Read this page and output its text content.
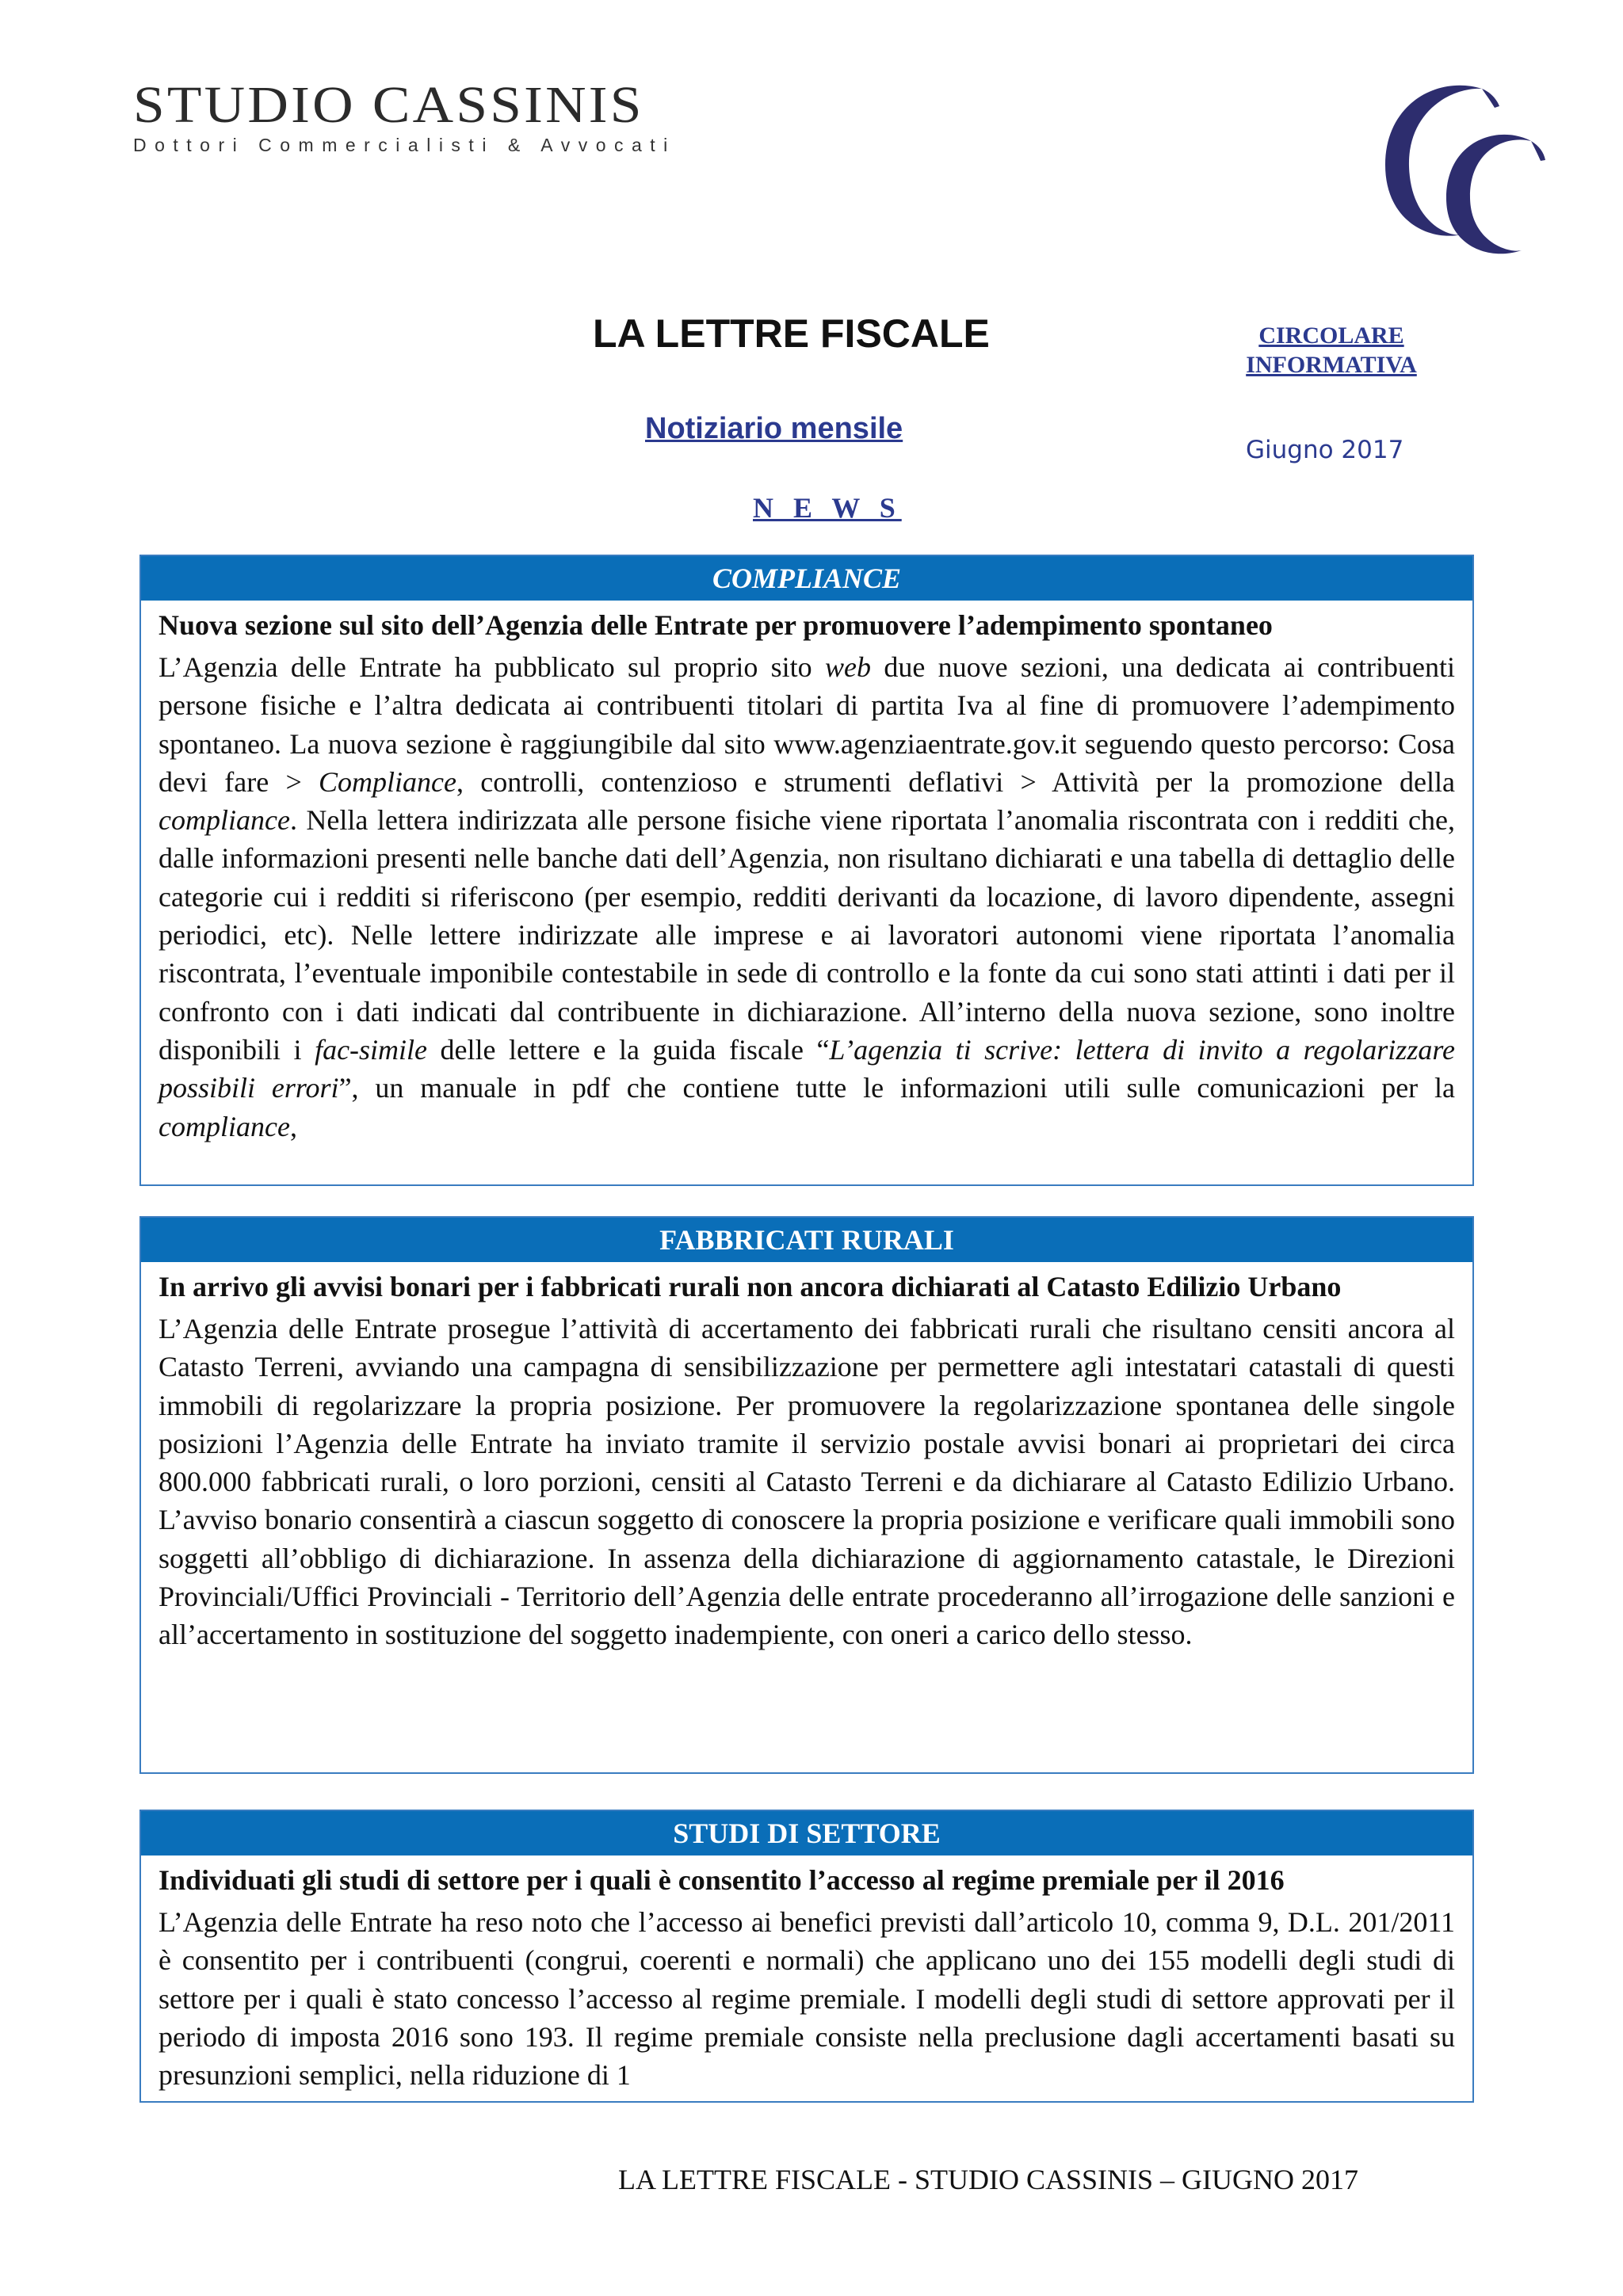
STUDIO CASSINIS
Dottori Commercialisti & Avvocati
LA LETTRE FISCALE	CIRCOLARE
INFORMATIVA
Notiziario mensile
Giugno 2017
N E W S
COMPLIANCE
Nuova sezione sul sito dell’Agenzia delle Entrate per promuovere l’adempimento spontaneo

L’Agenzia delle Entrate ha pubblicato sul proprio sito web due nuove sezioni, una dedicata ai contribuenti persone fisiche e l’altra dedicata ai contribuenti titolari di partita Iva al fine di promuovere l’adempimento spontaneo. La nuova sezione è raggiungibile dal sito www.agenziaentrate.gov.it seguendo questo percorso: Cosa devi fare > Compliance, controlli, contenzioso e strumenti deflativi > Attività per la promozione della compliance. Nella lettera indirizzata alle persone fisiche viene riportata l’anomalia riscontrata con i redditi che, dalle informazioni presenti nelle banche dati dell’Agenzia, non risultano dichiarati e una tabella di dettaglio delle categorie cui i redditi si riferiscono (per esempio, redditi derivanti da locazione, di lavoro dipendente, assegni periodici, etc). Nelle lettere indirizzate alle imprese e ai lavoratori autonomi viene riportata l’anomalia riscontrata, l’eventuale imponibile contestabile in sede di controllo e la fonte da cui sono stati attinti i dati per il confronto con i dati indicati dal contribuente in dichiarazione. All’interno della nuova sezione, sono inoltre disponibili i fac-simile delle lettere e la guida fiscale “L’agenzia ti scrive: lettera di invito a regolarizzare possibili errori”, un manuale in pdf che contiene tutte le informazioni utili sulle comunicazioni per la compliance,

FABBRICATI RURALI
In arrivo gli avvisi bonari per i fabbricati rurali non ancora dichiarati al Catasto Edilizio Urbano

L’Agenzia delle Entrate prosegue l’attività di accertamento dei fabbricati rurali che risultano censiti ancora al Catasto Terreni, avviando una campagna di sensibilizzazione per permettere agli intestatari catastali di questi immobili di regolarizzare la propria posizione. Per promuovere la regolarizzazione spontanea delle singole posizioni l’Agenzia delle Entrate ha inviato tramite il servizio postale avvisi bonari ai proprietari dei circa 800.000 fabbricati rurali, o loro porzioni, censiti al Catasto Terreni e da dichiarare al Catasto Edilizio Urbano. L’avviso bonario consentirà a ciascun soggetto di conoscere la propria posizione e verificare quali immobili sono soggetti all’obbligo di dichiarazione. In assenza della dichiarazione di aggiornamento catastale, le Direzioni Provinciali/Uffici Provinciali - Territorio dell’Agenzia delle entrate procederanno all’irrogazione delle sanzioni e all’accertamento in sostituzione del soggetto inadempiente, con oneri a carico dello stesso.

STUDI DI SETTORE
Individuati gli studi di settore per i quali è consentito l’accesso al regime premiale per il 2016

L’Agenzia delle Entrate ha reso noto che l’accesso ai benefici previsti dall’articolo 10, comma 9, D.L. 201/2011 è consentito per i contribuenti (congrui, coerenti e normali) che applicano uno dei 155 modelli degli studi di settore per i quali è stato concesso l’accesso al regime premiale. I modelli degli studi di settore approvati per il periodo di imposta 2016 sono 193. Il regime premiale consiste nella preclusione dagli accertamenti basati su presunzioni semplici, nella riduzione di 1

LA LETTRE FISCALE - STUDIO CASSINIS – GIUGNO 2017
